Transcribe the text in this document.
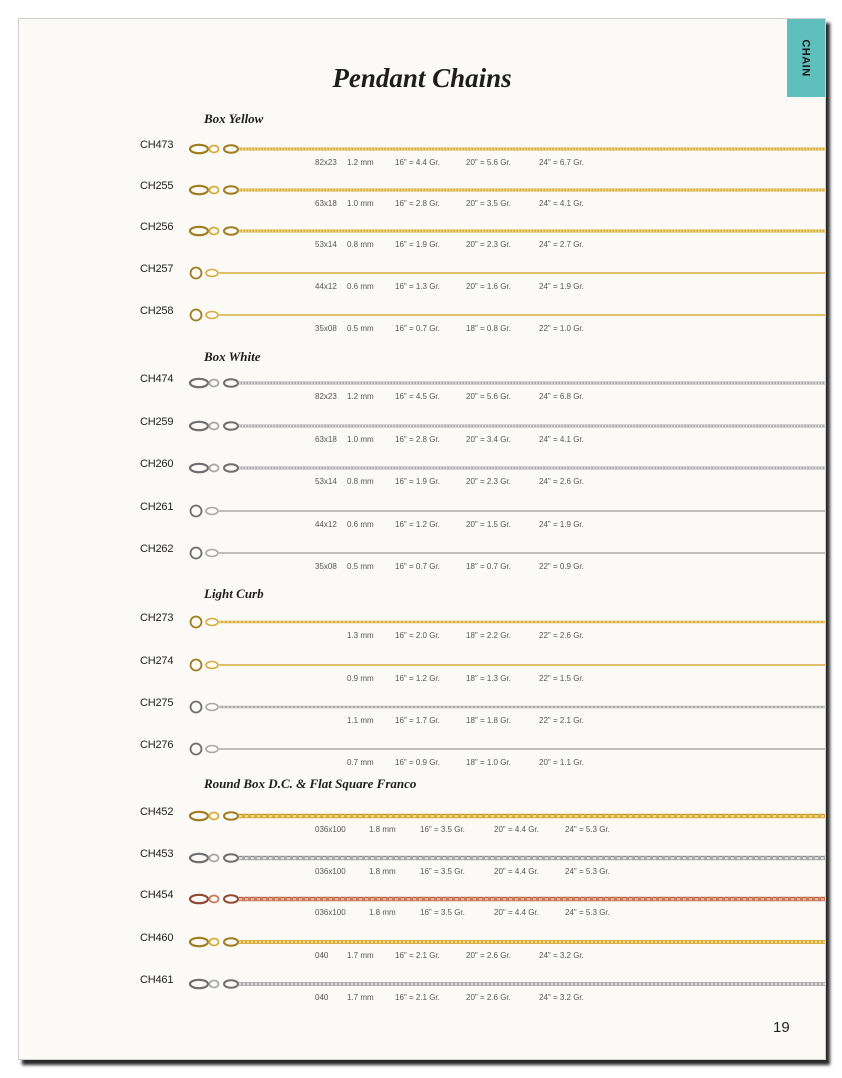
CHAIN
Pendant Chains
Box Yellow
CH473
82x23 1.2 mm	16" = 4.4 Gr.	20" = 5.6 Gr.	24" = 6.7 Gr.
CH255
63x18 1.0 mm	16" = 2.8 Gr.	20" = 3.5 Gr.	24" = 4.1 Gr.
CH256
53x14 0.8 mm	16" = 1.9 Gr.	20" = 2.3 Gr.	24" = 2.7 Gr.
CH257
44x12 0.6 mm	16" = 1.3 Gr.	20" = 1.6 Gr.	24" = 1.9 Gr.
CH258
35x08 0.5 mm	16" = 0.7 Gr.	18" = 0.8 Gr.	22" = 1.0 Gr.
Box White
CH474
82x23 1.2 mm	16" = 4.5 Gr.	20" = 5.6 Gr.	24" = 6.8 Gr.
CH259
63x18 1.0 mm	16" = 2.8 Gr.	20" = 3.4 Gr.	24" = 4.1 Gr.
CH260
53x14 0.8 mm	16" = 1.9 Gr.	20" = 2.3 Gr.	24" = 2.6 Gr.
CH261
44x12 0.6 mm	16" = 1.2 Gr.	20" = 1.5 Gr.	24" = 1.9 Gr.
CH262
35x08 0.5 mm	16" = 0.7 Gr.	18" = 0.7 Gr.	22" = 0.9 Gr.
Light Curb
CH273
1.3 mm	16" = 2.0 Gr.	18" = 2.2 Gr.	22" = 2.6 Gr.
CH274
0.9 mm	16" = 1.2 Gr.	18" = 1.3 Gr.	22" = 1.5 Gr.
CH275
1.1 mm	16" = 1.7 Gr.	18" = 1.8 Gr.	22" = 2.1 Gr.
CH276
0.7 mm	16" = 0.9 Gr.	18" = 1.0 Gr.	20" = 1.1 Gr.
Round Box D.C. & Flat Square Franco
CH452
036x100	1.8 mm	16" = 3.5 Gr.	20" = 4.4 Gr.	24" = 5.3 Gr.
CH453
036x100	1.8 mm	16" = 3.5 Gr.	20" = 4.4 Gr.	24" = 5.3 Gr.
CH454
036x100	1.8 mm	16" = 3.5 Gr.	20" = 4.4 Gr.	24" = 5.3 Gr.
CH460
040 1.7 mm	16" = 2.1 Gr.	20" = 2.6 Gr.	24" = 3.2 Gr.
CH461
040 1.7 mm	16" = 2.1 Gr.	20" = 2.6 Gr.	24" = 3.2 Gr.
19
